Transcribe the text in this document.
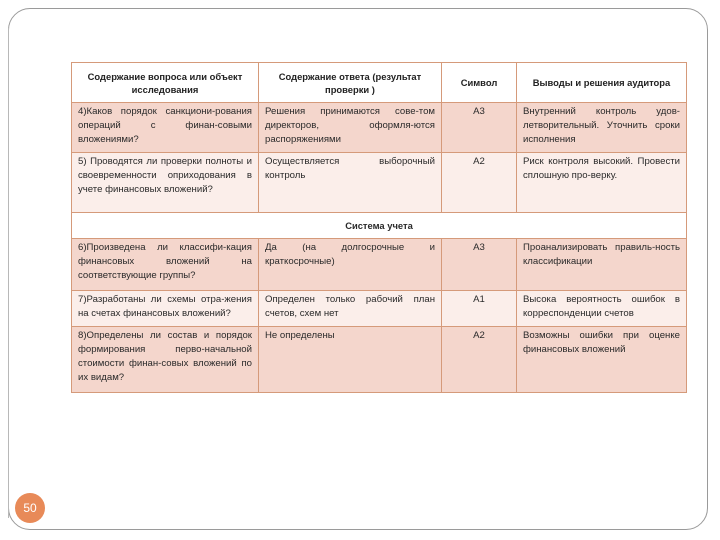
Содержание вопроса или объект исследования	Содержание ответа (результат проверки )	Символ	Выводы и решения аудитора
4)Каков порядок санкциони-рования операций с финан-совыми вложениями?	Решения принимаются сове-том директоров, оформля-ются распоряжениями	А3	Внутренний контроль удов-летворительный. Уточнить сроки исполнения
5) Проводятся ли проверки полноты и своевременности оприходования в учете финансовых вложений?	Осуществляется выборочный контроль	А2	Риск контроля высокий. Провести сплошную про-верку.
Система учета			
6)Произведена ли классифи-кация финансовых вложений на соответствующие группы?	Да (на долгосрочные и краткосрочные)	А3	Проанализировать правиль-ность классификации
7)Разработаны ли схемы отра-жения на счетах финансовых вложений?	Определен только рабочий план счетов, схем нет	А1	Высока вероятность ошибок в корреспонденции счетов
8)Определены ли состав и порядок формирования перво-начальной стоимости финан-совых вложений по их видам?	Не определены	А2	Возможны ошибки при оценке финансовых вложений
50
